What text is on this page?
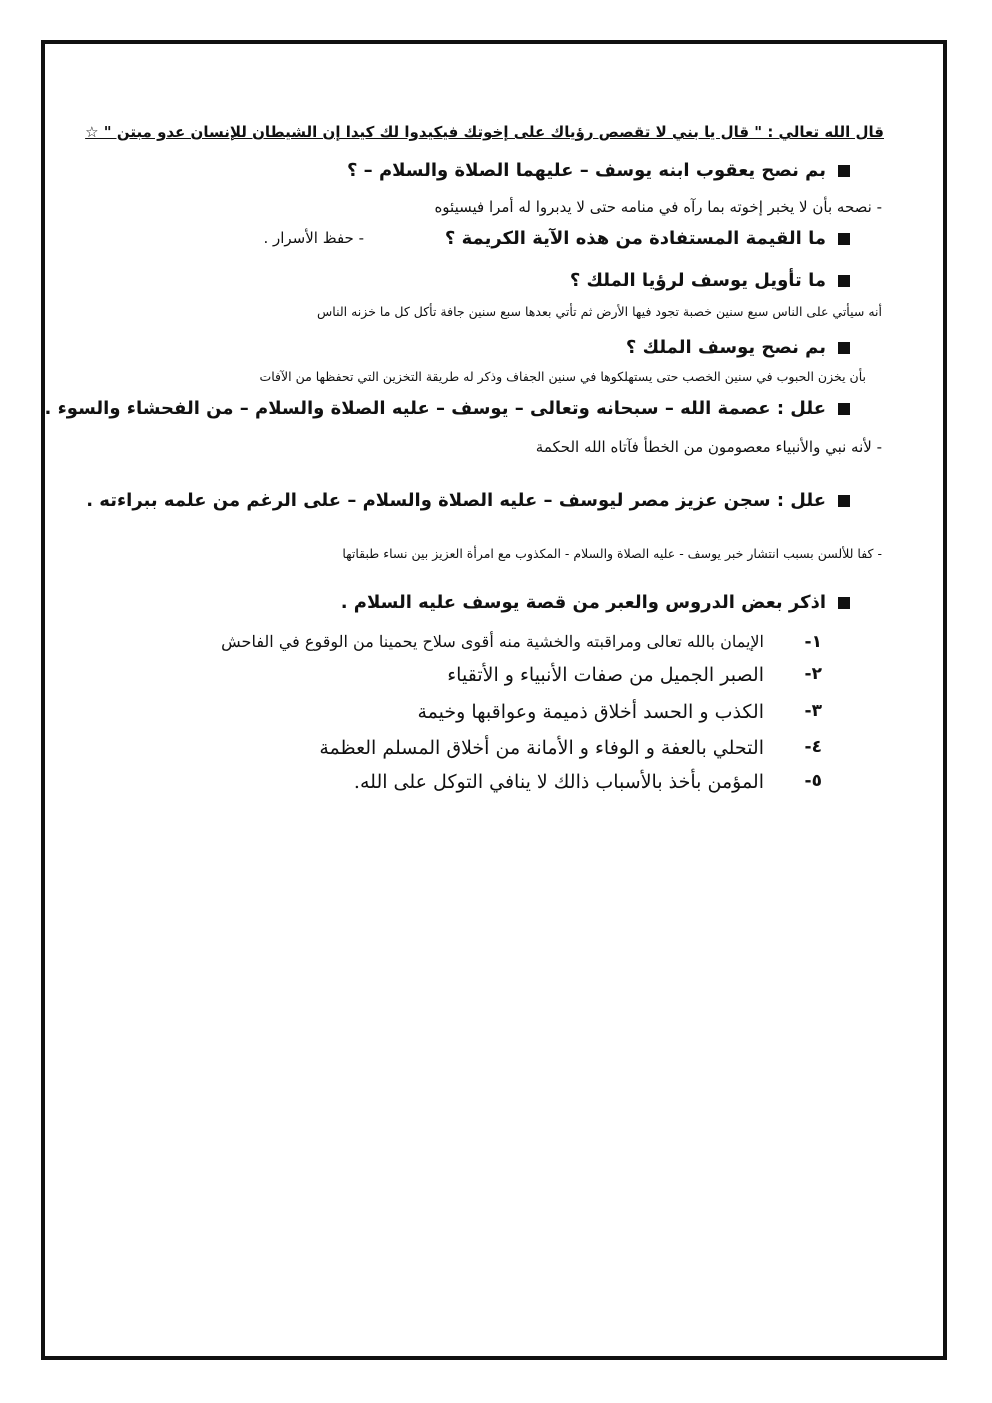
قال الله تعالي : " قال يا بني لا تقصص رؤياك على إخوتك فيكيدوا لك كيدا إن الشيطان للإنسان عدو مبتن " ☆
بم نصح يعقوب ابنه يوسف – عليهما الصلاة والسلام – ؟
- نصحه بأن لا يخبر إخوته بما رآه في منامه حتى لا يدبروا له أمرا فيسيئوه
ما القيمة المستفادة من هذه الآية الكريمة ؟
- حفظ الأسرار .
ما تأويل يوسف لرؤيا الملك ؟
أنه سيأتي على الناس سبع سنين خصبة تجود فيها الأرض ثم تأتي بعدها سبع سنين جافة تأكل كل ما خزنه الناس
بم نصح يوسف الملك ؟
بأن يخزن الحبوب في سنين الخصب حتى يستهلكوها في سنين الجفاف وذكر له طريقة التخزين التي تحفظها من الآفات
علل : عصمة الله – سبحانه وتعالى – يوسف – عليه الصلاة والسلام – من الفحشاء والسوء .
- لأنه نبي والأنبياء معصومون من الخطأ فآتاه الله الحكمة
علل : سجن عزيز مصر ليوسف – عليه الصلاة والسلام – على الرغم من علمه ببراءته .
- كفا للألسن بسبب انتشار خبر يوسف - عليه الصلاة والسلام - المكذوب مع امرأة العزيز بين نساء طبقاتها
اذكر بعض الدروس والعبر من قصة يوسف عليه السلام .
١-
الإيمان بالله تعالى ومراقبته والخشية منه أقوى سلاح يحمينا من الوقوع في الفاحش
٢-
الصبر الجميل من صفات الأنبياء و الأتقياء
٣-
الكذب و الحسد أخلاق ذميمة وعواقبها وخيمة
٤-
التحلي بالعفة و الوفاء و الأمانة من أخلاق المسلم العظمة
٥-
المؤمن بأخذ بالأسباب ذالك لا ينافي التوكل على الله.
